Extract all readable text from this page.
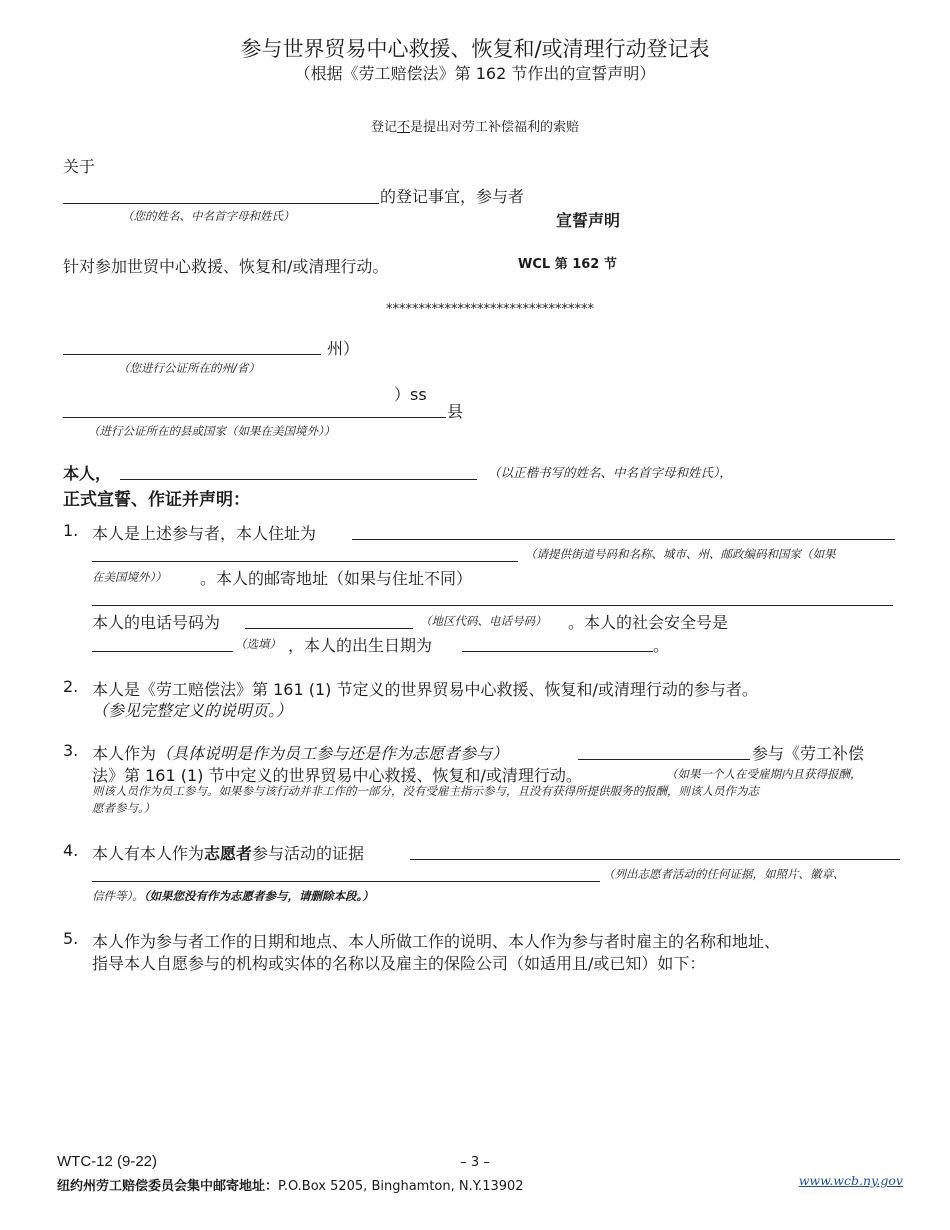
参与世界贸易中心救援、恢复和/或清理行动登记表
（根据《劳工赔偿法》第 162 节作出的宣誓声明）
登记不是提出对劳工补偿福利的索赔
关于
的登记事宜，参与者
（您的姓名、中名首字母和姓氏）	宣誓声明
针对参加世贸中心救援、恢复和/或清理行动。	WCL 第 162 节
********************************
州）
（您进行公证所在的州/省）
）ss
县
（进行公证所在的县或国家（如果在美国境外））
本人，	（以正楷书写的姓名、中名首字母和姓氏），
正式宣誓、作证并声明：
1. 本人是上述参与者，本人住址为
（请提供街道号码和名称、城市、州、邮政编码和国家（如果
在美国境外）） 。本人的邮寄地址（如果与住址不同）
本人的电话号码为	（地区代码、电话号码） 。本人的社会安全号是
（选填） ，本人的出生日期为	。
2. 本人是《劳工赔偿法》第 161 (1) 节定义的世界贸易中心救援、恢复和/或清理行动的参与者。
（参见完整定义的说明页。）
3. 本人作为（具体说明是作为员工参与还是作为志愿者参与）	参与《劳工补偿
法》第 161 (1) 节中定义的世界贸易中心救援、恢复和/或清理行动。	（如果一个人在受雇期内且获得报酬，
则该人员作为员工参与。如果参与该行动并非工作的一部分，没有受雇主指示参与，且没有获得所提供服务的报酬，则该人员作为志
愿者参与。）
4. 本人有本人作为志愿者参与活动的证据
（列出志愿者活动的任何证据，如照片、徽章、
信件等）。（如果您没有作为志愿者参与，请删除本段。）
5. 本人作为参与者工作的日期和地点、本人所做工作的说明、本人作为参与者时雇主的名称和地址、
指导本人自愿参与的机构或实体的名称以及雇主的保险公司（如适用且/或已知）如下：
WTC-12 (9-22)	– 3 –
纽约州劳工赔偿委员会集中邮寄地址：P.O.Box 5205, Binghamton, N.Y.13902	www.wcb.ny.gov
